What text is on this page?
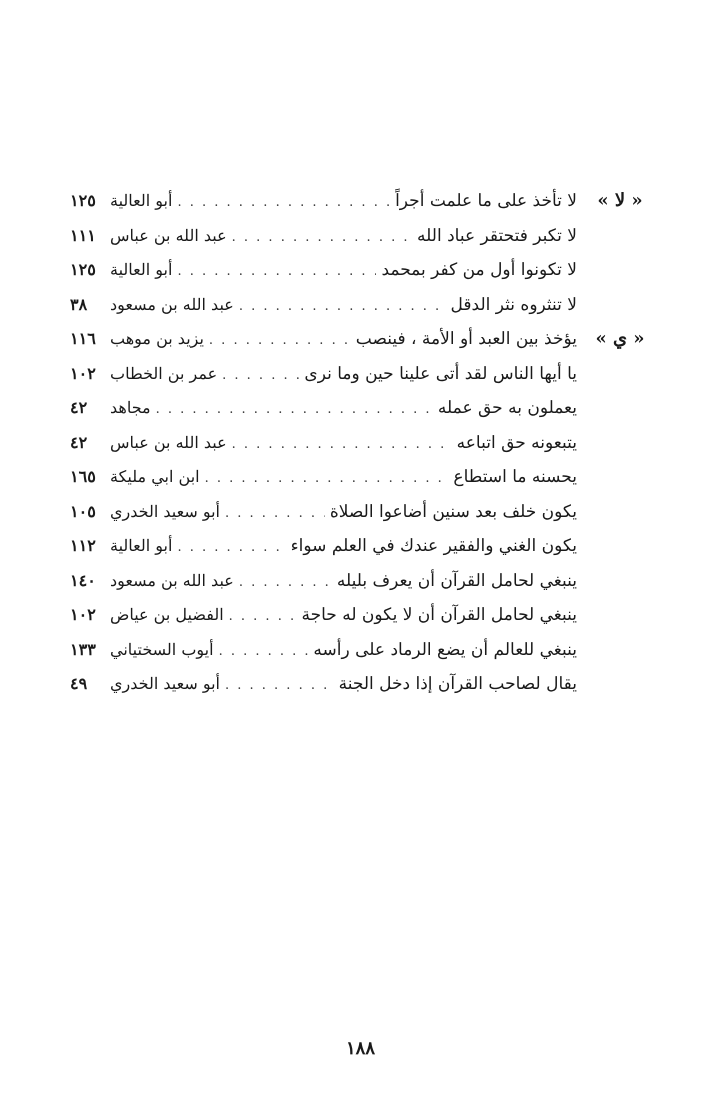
« لا »
لا تأخذ على ما علمت أجراً
. . .
أبو العالية
١٢٥
لا تكبر فتحتقر عباد الله
. . .
عبد الله بن عباس
١١١
لا تكونوا أول من كفر بمحمد
. . .
أبو العالية
١٢٥
لا تنثروه نثر الدقل
. . .
عبد الله بن مسعود
٣٨
« ي »
يؤخذ بين العبد أو الأمة ، فينصب
. . .
يزيد بن موهب
١١٦
يا أيها الناس لقد أتى علينا حين وما نرى
. . .
عمر بن الخطاب
١٠٢
يعملون به حق عمله
. . .
مجاهد
٤٢
يتبعونه حق اتباعه
. . .
عبد الله بن عباس
٤٢
يحسنه ما استطاع
. . .
ابن ابي مليكة
١٦٥
يكون خلف بعد سنين أضاعوا الصلاة
. . .
أبو سعيد الخدري
١٠٥
يكون الغني والفقير عندك في العلم سواء
. . .
أبو العالية
١١٢
ينبغي لحامل القرآن أن يعرف بليله
. . .
عبد الله بن مسعود
١٤٠
ينبغي لحامل القرآن أن لا يكون له حاجة
. . .
الفضيل بن عياض
١٠٢
ينبغي للعالم أن يضع الرماد على رأسه
. . .
أيوب السختياني
١٣٣
يقال لصاحب القرآن إذا دخل الجنة
. . .
أبو سعيد الخدري
٤٩
١٨٨
